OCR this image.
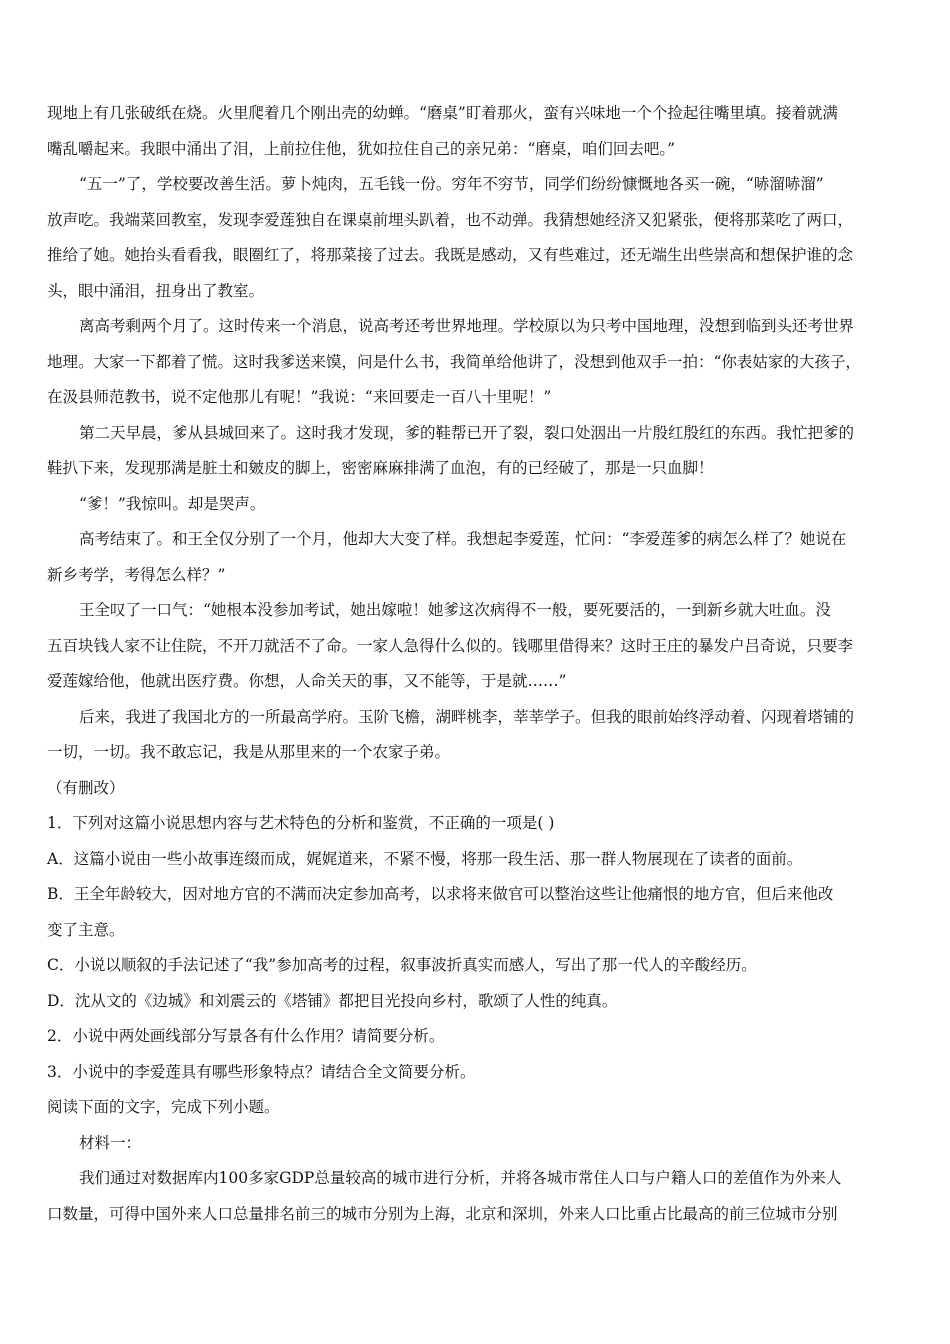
现地上有几张破纸在烧。火里爬着几个刚出壳的幼蝉。“磨桌”盯着那火，蛮有兴味地一个个捡起往嘴里填。接着就满
嘴乱嚼起来。我眼中涌出了泪，上前拉住他，犹如拉住自己的亲兄弟：“磨桌，咱们回去吧。”
“五一”了，学校要改善生活。萝卜炖肉，五毛钱一份。穷年不穷节，同学们纷纷慷慨地各买一碗，“哧溜哧溜”
放声吃。我端菜回教室，发现李爱莲独自在课桌前埋头趴着，也不动弹。我猜想她经济又犯紧张，便将那菜吃了两口，
推给了她。她抬头看看我，眼圈红了，将那菜接了过去。我既是感动，又有些难过，还无端生出些崇高和想保护谁的念
头，眼中涌泪，扭身出了教室。
离高考剩两个月了。这时传来一个消息，说高考还考世界地理。学校原以为只考中国地理，没想到临到头还考世界
地理。大家一下都着了慌。这时我爹送来馍，问是什么书，我简单给他讲了，没想到他双手一拍：“你表姑家的大孩子，
在汲县师范教书，说不定他那儿有呢！”我说：“来回要走一百八十里呢！”
第二天早晨，爹从县城回来了。这时我才发现，爹的鞋帮已开了裂，裂口处洇出一片殷红殷红的东西。我忙把爹的
鞋扒下来，发现那满是脏土和皴皮的脚上，密密麻麻排满了血泡，有的已经破了，那是一只血脚！
“爹！”我惊叫。却是哭声。
高考结束了。和王全仅分别了一个月，他却大大变了样。我想起李爱莲，忙问：“李爱莲爹的病怎么样了？她说在
新乡考学，考得怎么样？”
王全叹了一口气：“她根本没参加考试，她出嫁啦！她爹这次病得不一般，要死要活的，一到新乡就大吐血。没
五百块钱人家不让住院，不开刀就活不了命。一家人急得什么似的。钱哪里借得来？这时王庄的暴发户吕奇说，只要李
爱莲嫁给他，他就出医疗费。你想，人命关天的事，又不能等，于是就……”
后来，我进了我国北方的一所最高学府。玉阶飞檐，湖畔桃李，莘莘学子。但我的眼前始终浮动着、闪现着塔铺的
一切，一切。我不敢忘记，我是从那里来的一个农家子弟。
（有删改）
1．下列对这篇小说思想内容与艺术特色的分析和鉴赏，不正确的一项是( )
A．这篇小说由一些小故事连缀而成，娓娓道来，不紧不慢，将那一段生活、那一群人物展现在了读者的面前。
B．王全年龄较大，因对地方官的不满而决定参加高考，以求将来做官可以整治这些让他痛恨的地方官，但后来他改
变了主意。
C．小说以顺叙的手法记述了“我”参加高考的过程，叙事波折真实而感人，写出了那一代人的辛酸经历。
D．沈从文的《边城》和刘震云的《塔铺》都把目光投向乡村，歌颂了人性的纯真。
2．小说中两处画线部分写景各有什么作用？请简要分析。
3．小说中的李爱莲具有哪些形象特点？请结合全文简要分析。
阅读下面的文字，完成下列小题。
材料一：
我们通过对数据库内100多家GDP总量较高的城市进行分析，并将各城市常住人口与户籍人口的差值作为外来人
口数量，可得中国外来人口总量排名前三的城市分别为上海，北京和深圳，外来人口比重占比最高的前三位城市分别
